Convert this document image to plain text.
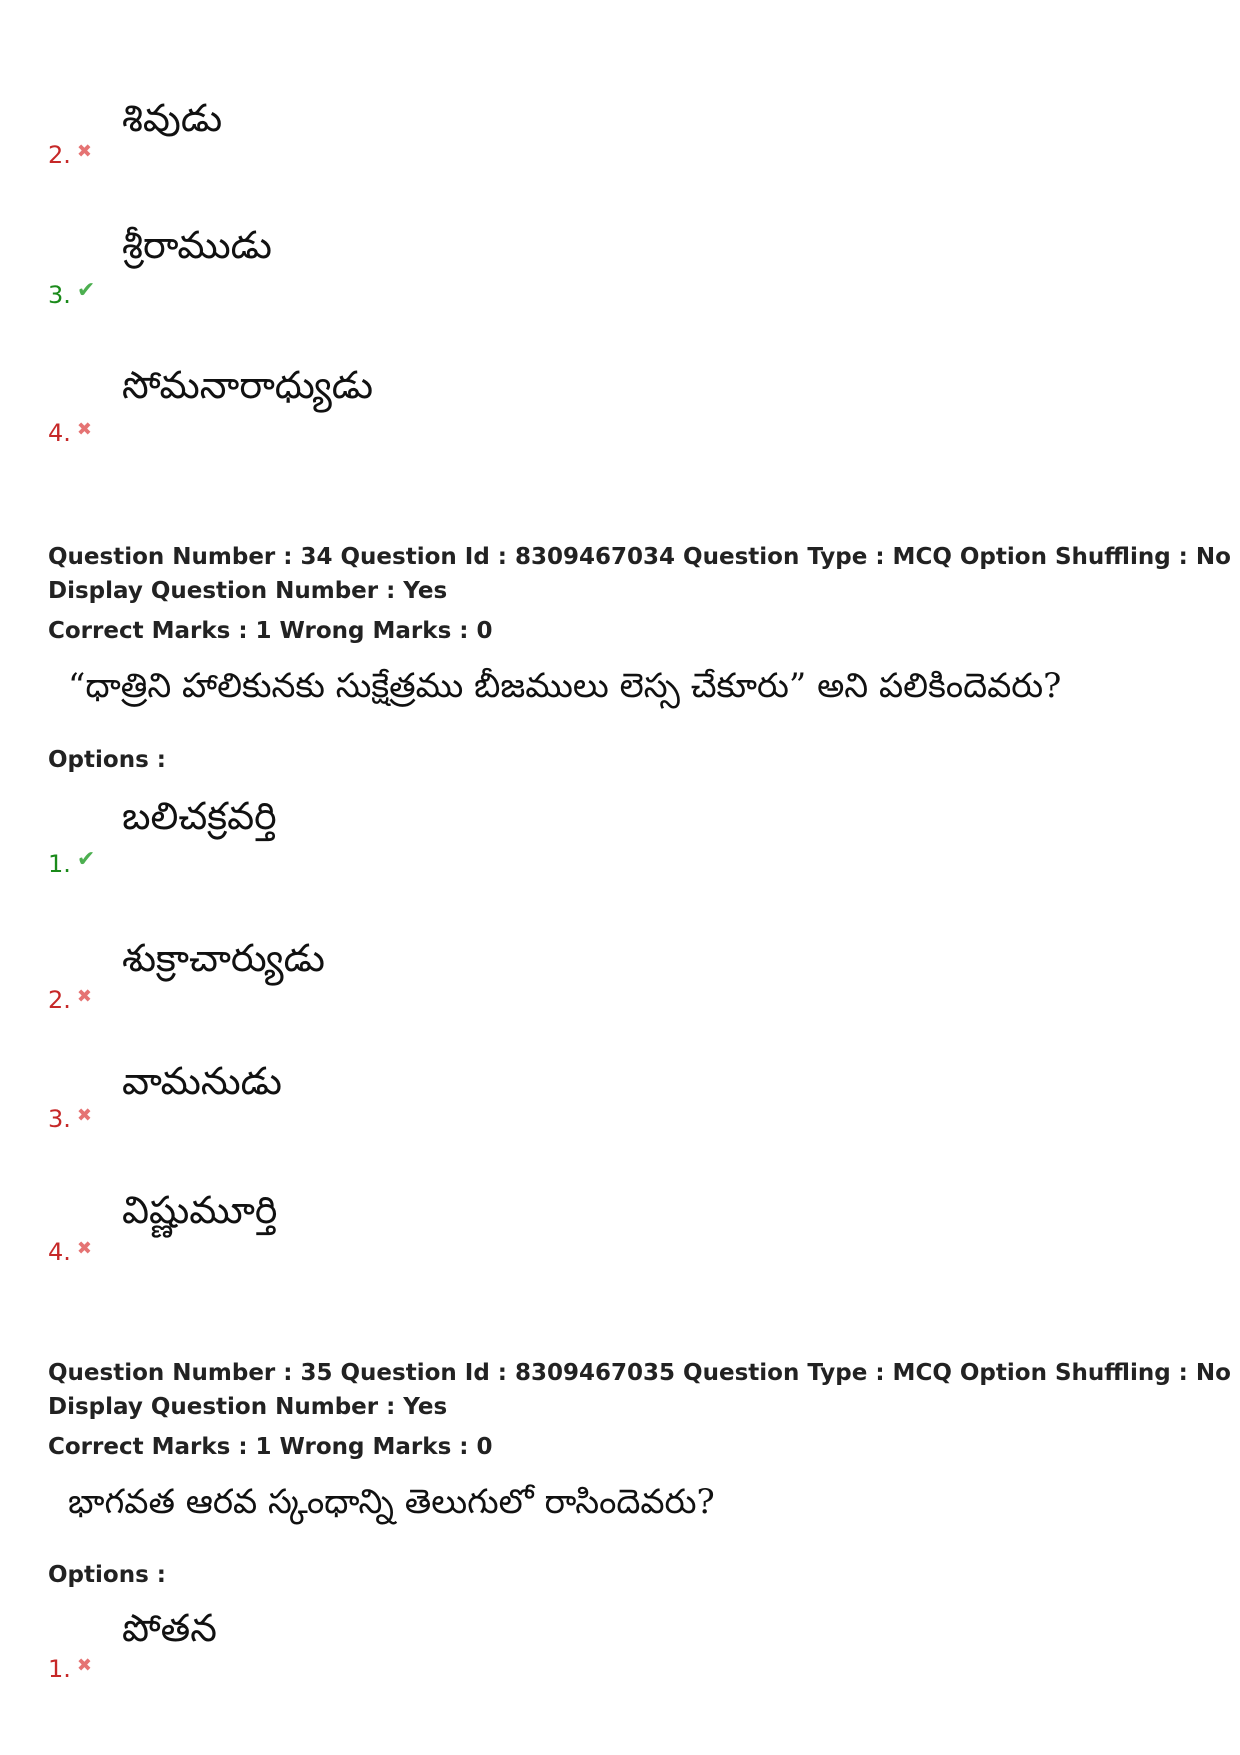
శివుడు
2. ✖
శ్రీరాముడు
3. ✔
సోమనారాధ్యుడు
4. ✖
Question Number : 34 Question Id : 8309467034 Question Type : MCQ Option Shuffling : No
Display Question Number : Yes
Correct Marks : 1 Wrong Marks : 0
“ధాత్రిని హాలికునకు సుక్షేత్రము బీజములు లెస్స చేకూరు” అని పలికిందెవరు?
Options :
బలిచక్రవర్తి
1. ✔
శుక్రాచార్యుడు
2. ✖
వామనుడు
3. ✖
విష్ణుమూర్తి
4. ✖
Question Number : 35 Question Id : 8309467035 Question Type : MCQ Option Shuffling : No
Display Question Number : Yes
Correct Marks : 1 Wrong Marks : 0
భాగవత ఆరవ స్కంధాన్ని తెలుగులో రాసిందెవరు?
Options :
పోతన
1. ✖
